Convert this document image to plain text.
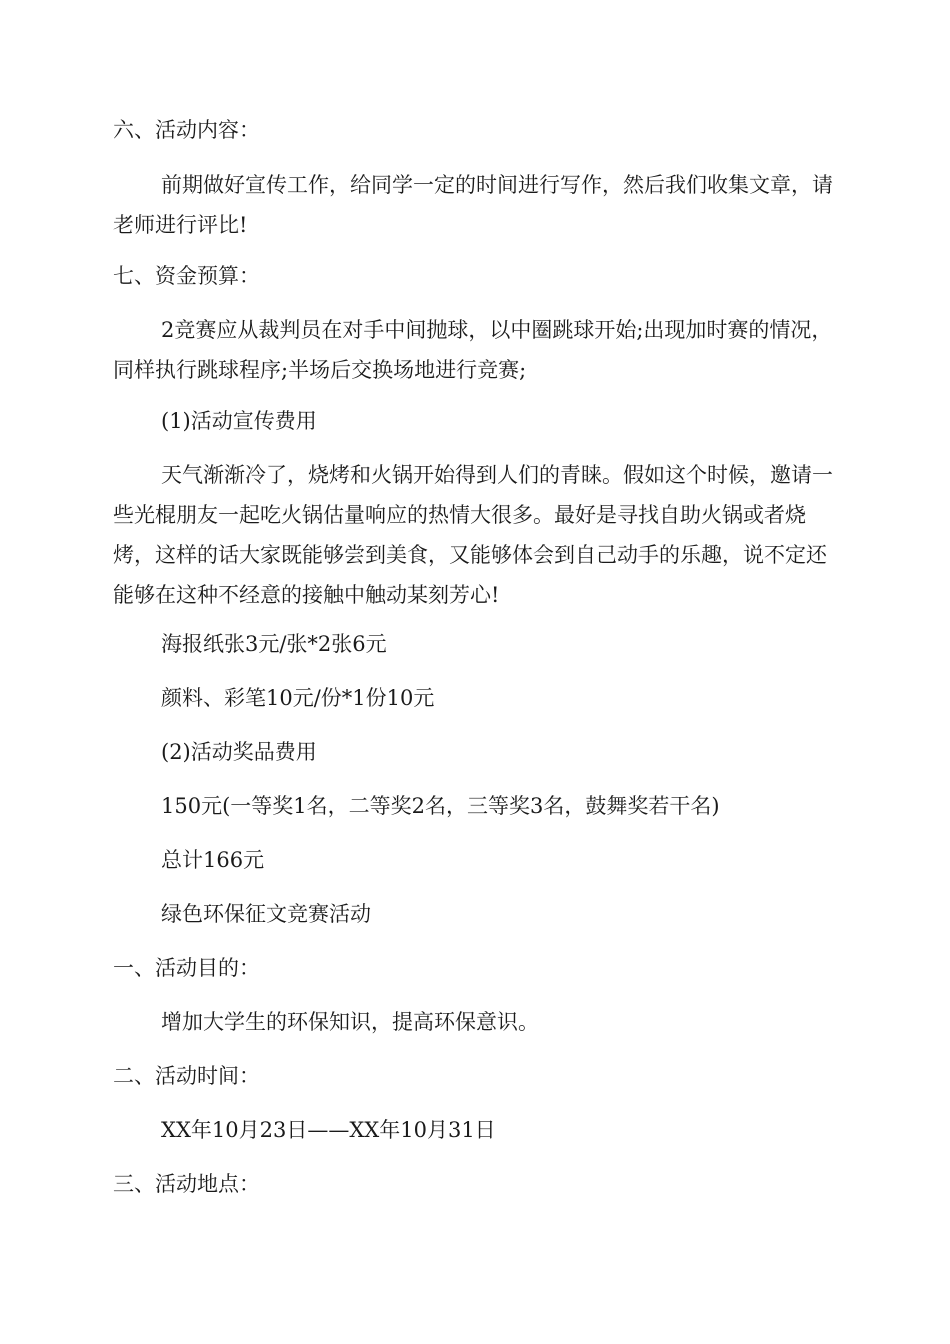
六、活动内容：

前期做好宣传工作，给同学一定的时间进行写作，然后我们收集文章，请老师进行评比!

七、资金预算：

2竞赛应从裁判员在对手中间抛球，以中圈跳球开始;出现加时赛的情况，同样执行跳球程序;半场后交换场地进行竞赛;

(1)活动宣传费用

天气渐渐冷了，烧烤和火锅开始得到人们的青睐。假如这个时候，邀请一些光棍朋友一起吃火锅估量响应的热情大很多。最好是寻找自助火锅或者烧烤，这样的话大家既能够尝到美食，又能够体会到自己动手的乐趣，说不定还能够在这种不经意的接触中触动某刻芳心!

海报纸张3元/张*2张6元

颜料、彩笔10元/份*1份10元

(2)活动奖品费用

150元(一等奖1名，二等奖2名，三等奖3名，鼓舞奖若干名)

总计166元

绿色环保征文竞赛活动

一、活动目的：

增加大学生的环保知识，提高环保意识。

二、活动时间：

XX年10月23日——XX年10月31日

三、活动地点：
